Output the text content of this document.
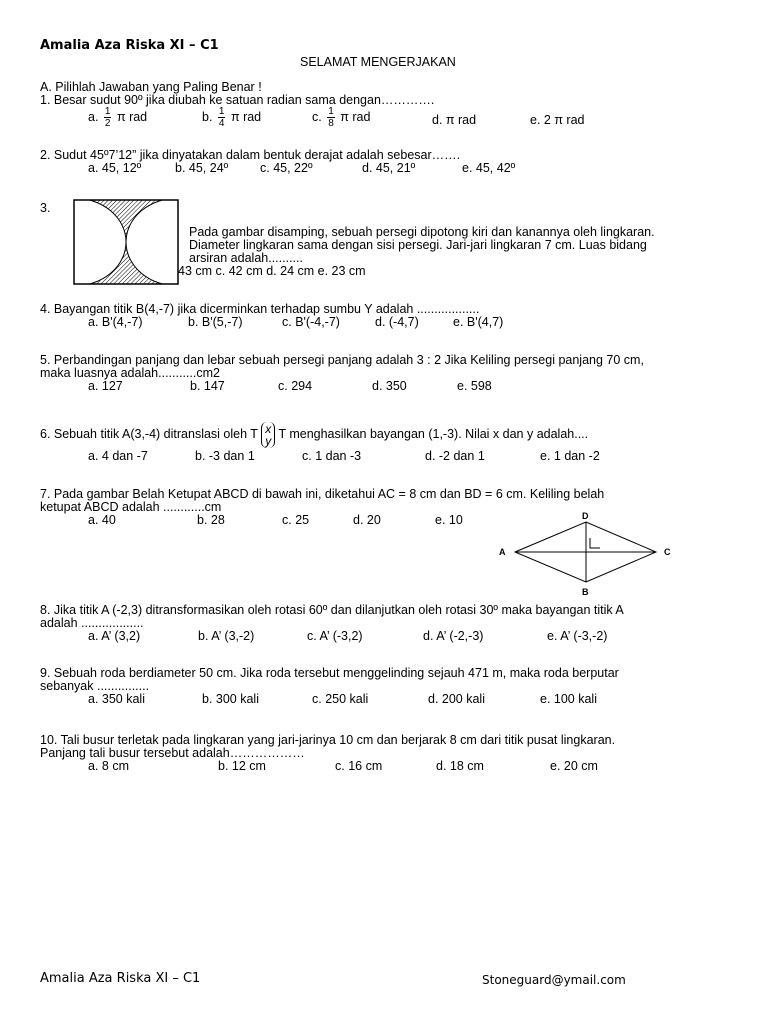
Amalia Aza Riska XI – C1
SELAMAT MENGERJAKAN
A. Pilihlah Jawaban yang Paling Benar !
1. Besar sudut 90º jika diubah ke satuan radian sama dengan………….
a. $\frac{1}{2}$ π rad	b. $\frac{1}{4}$ π rad	c. $\frac{1}{8}$ π rad	d. π rad	e. 2 π rad
2. Sudut 45º7’12” jika dinyatakan dalam bentuk derajat adalah sebesar…….
a. 45, 12º	b. 45, 24º	c. 45, 22º	d. 45, 21º	e. 45, 42º
3.
Pada gambar disamping, sebuah persegi dipotong kiri dan kanannya oleh lingkaran.
Diameter lingkaran sama dengan sisi persegi. Jari-jari lingkaran 7 cm. Luas bidang
arsiran adalah..........
43 cm c. 42 cm d. 24 cm e. 23 cm
4. Bayangan titik B(4,-7) jika dicerminkan terhadap sumbu Y adalah ..................
a. B'(4,-7)	b. B'(5,-7)	c. B'(-4,-7)	d. (-4,7)	e. B'(4,7)
5. Perbandingan panjang dan lebar sebuah persegi panjang adalah 3 : 2 Jika Keliling persegi panjang 70 cm,
maka luasnya adalah...........cm2
a. 127	b. 147	c. 294	d. 350	e. 598
6. Sebuah titik A(3,-4) ditranslasi oleh T x
y T menghasilkan bayangan (1,-3). Nilai x dan y adalah....
a. 4 dan -7	b. -3 dan 1	c. 1 dan -3	d. -2 dan 1	e. 1 dan -2
7. Pada gambar Belah Ketupat ABCD di bawah ini, diketahui AC = 8 cm dan BD = 6 cm. Keliling belah
ketupat ABCD adalah ............cm
a. 40	b. 28	c. 25	d. 20	e. 10	D
A	C
B
8. Jika titik A (-2,3) ditransformasikan oleh rotasi 60º dan dilanjutkan oleh rotasi 30º maka bayangan titik A
adalah ..................
a. A’ (3,2)	b. A’ (3,-2)	c. A’ (-3,2)	d. A’ (-2,-3)	e. A’ (-3,-2)
9. Sebuah roda berdiameter 50 cm. Jika roda tersebut menggelinding sejauh 471 m, maka roda berputar
sebanyak ...............
a. 350 kali	b. 300 kali	c. 250 kali	d. 200 kali	e. 100 kali
10. Tali busur terletak pada lingkaran yang jari-jarinya 10 cm dan berjarak 8 cm dari titik pusat lingkaran.
Panjang tali busur tersebut adalah………………
a. 8 cm	b. 12 cm	c. 16 cm	d. 18 cm	e. 20 cm
Amalia Aza Riska XI – C1	Stoneguard@ymail.com
